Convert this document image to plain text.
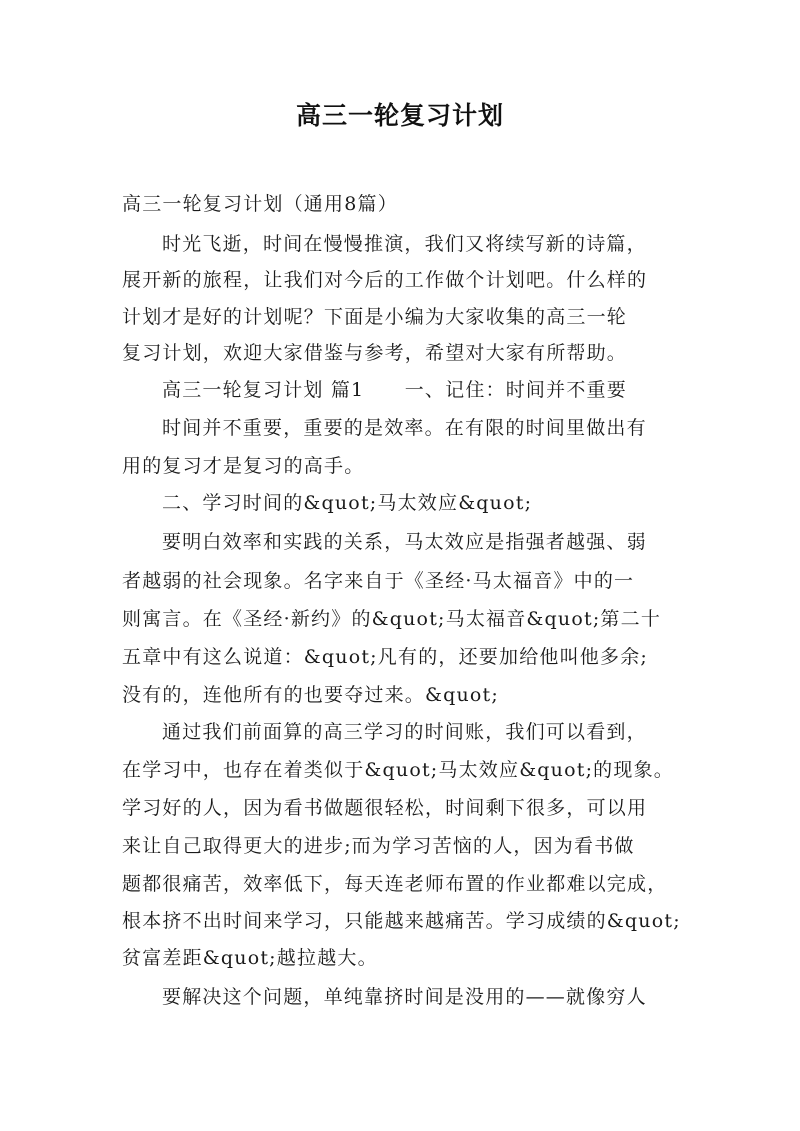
高三一轮复习计划
高三一轮复习计划（通用8篇）
时光飞逝，时间在慢慢推演，我们又将续写新的诗篇，
展开新的旅程，让我们对今后的工作做个计划吧。什么样的
计划才是好的计划呢？下面是小编为大家收集的高三一轮
复习计划，欢迎大家借鉴与参考，希望对大家有所帮助。
高三一轮复习计划 篇1　　一、记住：时间并不重要
时间并不重要，重要的是效率。在有限的时间里做出有
用的复习才是复习的高手。
二、学习时间的&quot;马太效应&quot;
要明白效率和实践的关系，马太效应是指强者越强、弱
者越弱的社会现象。名字来自于《圣经·马太福音》中的一
则寓言。在《圣经·新约》的&quot;马太福音&quot;第二十
五章中有这么说道：&quot;凡有的，还要加给他叫他多余;
没有的，连他所有的也要夺过来。&quot;
通过我们前面算的高三学习的时间账，我们可以看到，
在学习中，也存在着类似于&quot;马太效应&quot;的现象。
学习好的人，因为看书做题很轻松，时间剩下很多，可以用
来让自己取得更大的进步;而为学习苦恼的人，因为看书做
题都很痛苦，效率低下，每天连老师布置的作业都难以完成，
根本挤不出时间来学习，只能越来越痛苦。学习成绩的&quot;
贫富差距&quot;越拉越大。
要解决这个问题，单纯靠挤时间是没用的——就像穷人
